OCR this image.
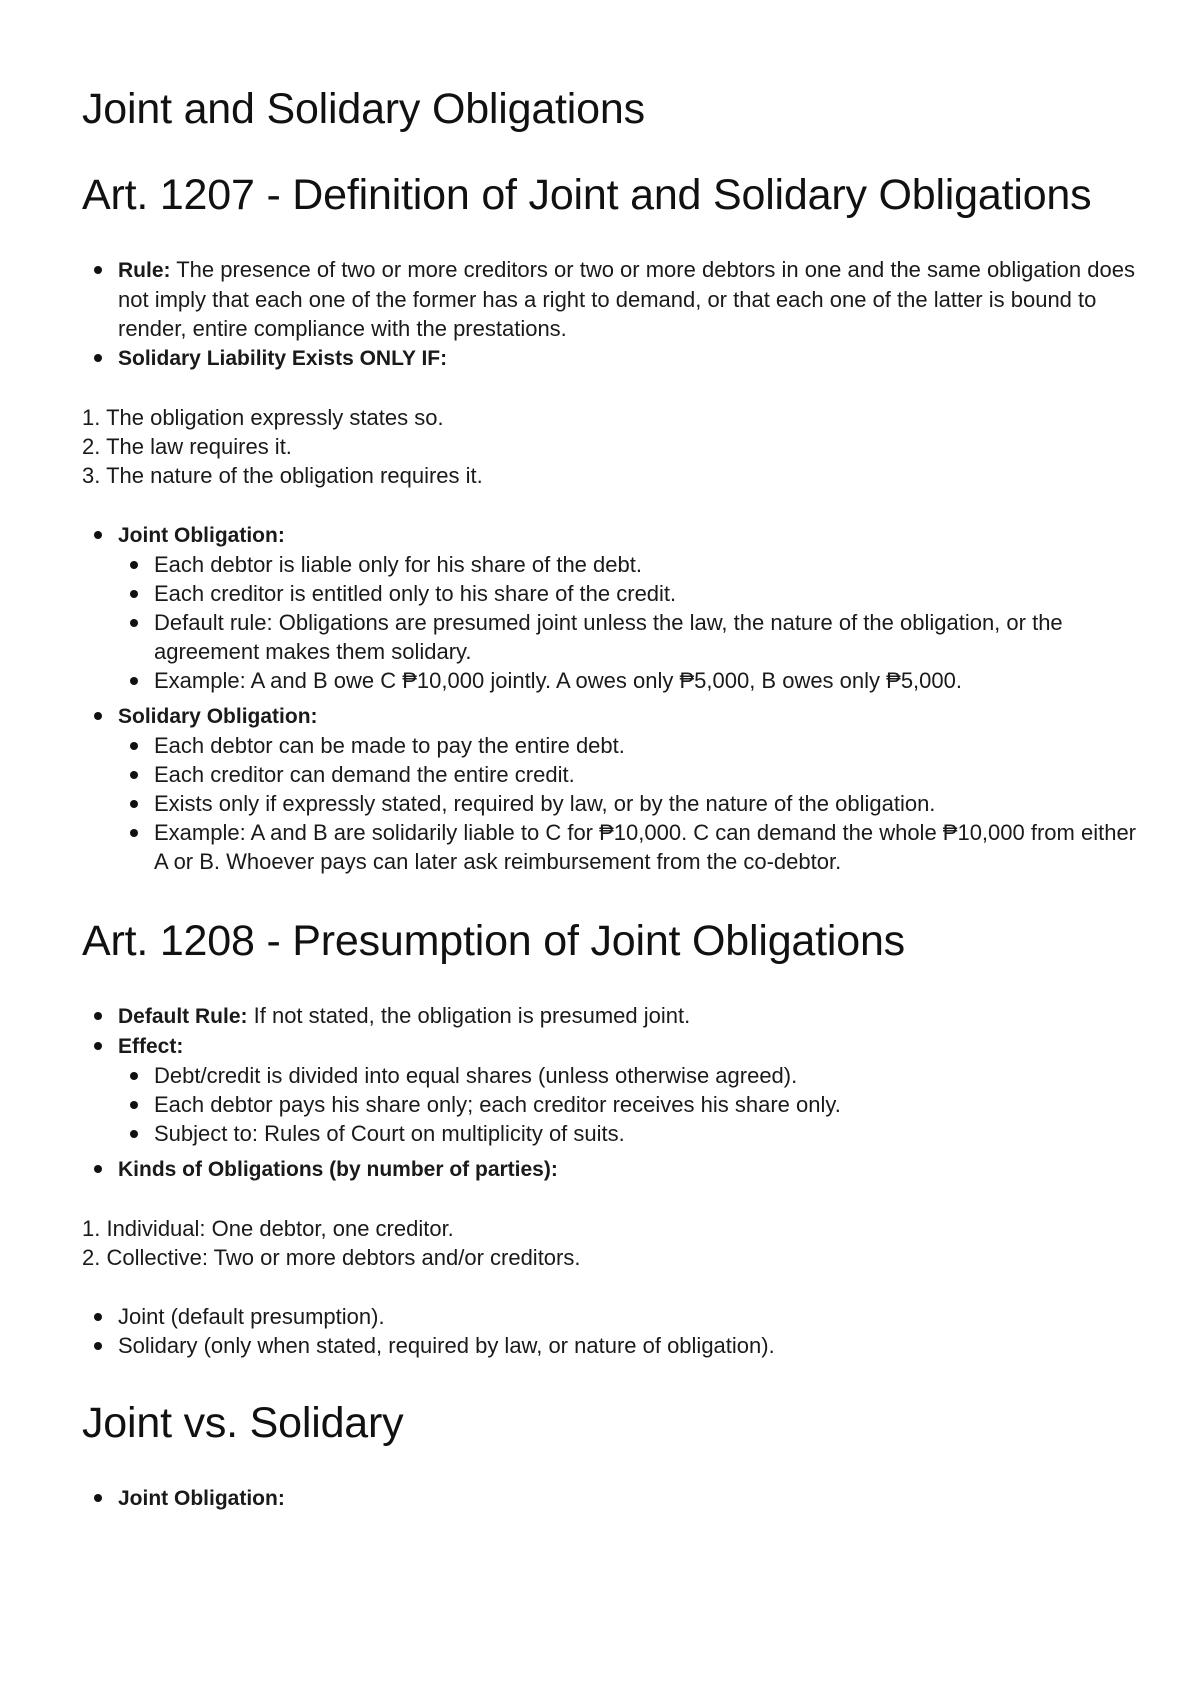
Joint and Solidary Obligations
Art. 1207 - Definition of Joint and Solidary Obligations
Rule: The presence of two or more creditors or two or more debtors in one and the same obligation does not imply that each one of the former has a right to demand, or that each one of the latter is bound to render, entire compliance with the prestations.
Solidary Liability Exists ONLY IF:
1. The obligation expressly states so.
2. The law requires it.
3. The nature of the obligation requires it.
Joint Obligation:
Each debtor is liable only for his share of the debt.
Each creditor is entitled only to his share of the credit.
Default rule: Obligations are presumed joint unless the law, the nature of the obligation, or the agreement makes them solidary.
Example: A and B owe C ₱10,000 jointly. A owes only ₱5,000, B owes only ₱5,000.
Solidary Obligation:
Each debtor can be made to pay the entire debt.
Each creditor can demand the entire credit.
Exists only if expressly stated, required by law, or by the nature of the obligation.
Example: A and B are solidarily liable to C for ₱10,000. C can demand the whole ₱10,000 from either A or B. Whoever pays can later ask reimbursement from the co-debtor.
Art. 1208 - Presumption of Joint Obligations
Default Rule: If not stated, the obligation is presumed joint.
Effect:
Debt/credit is divided into equal shares (unless otherwise agreed).
Each debtor pays his share only; each creditor receives his share only.
Subject to: Rules of Court on multiplicity of suits.
Kinds of Obligations (by number of parties):
1. Individual: One debtor, one creditor.
2. Collective: Two or more debtors and/or creditors.
Joint (default presumption).
Solidary (only when stated, required by law, or nature of obligation).
Joint vs. Solidary
Joint Obligation:
